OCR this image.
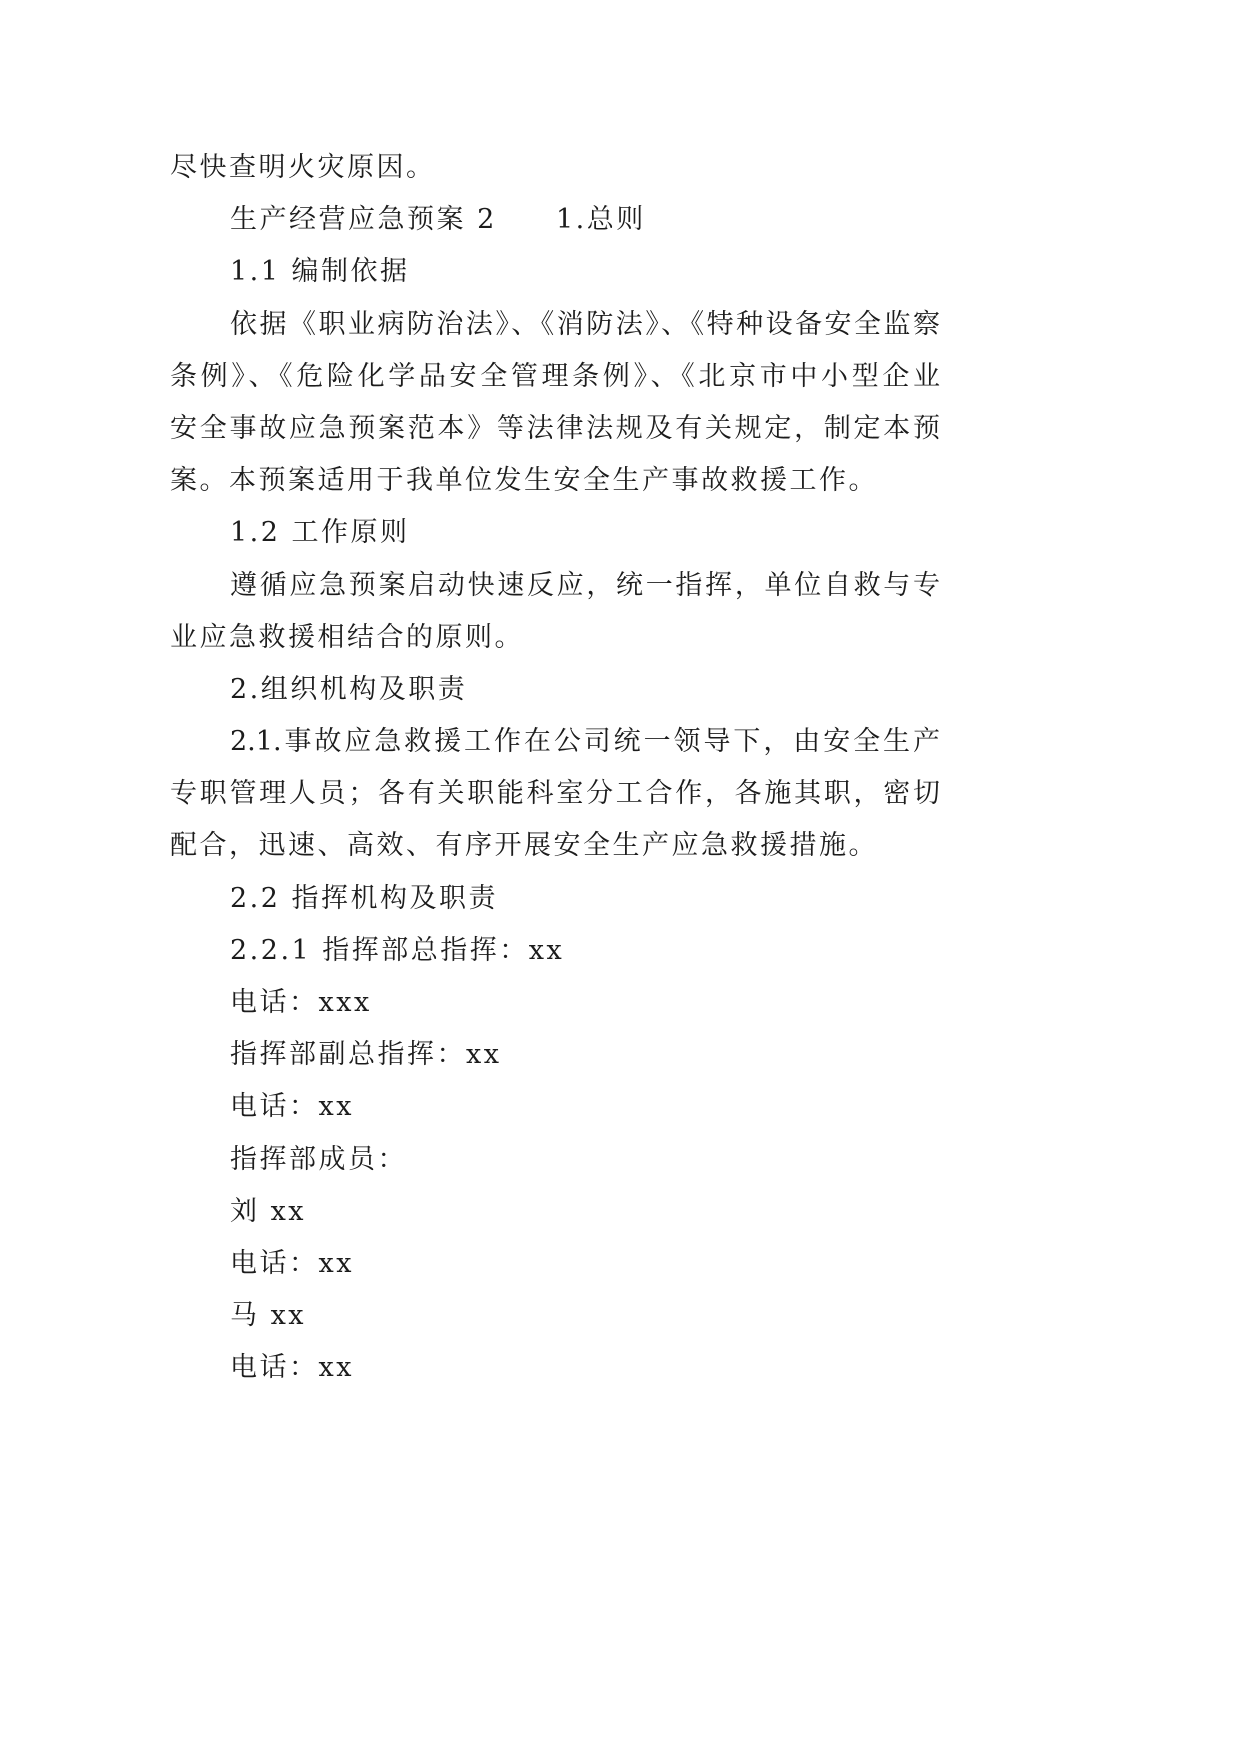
尽快查明火灾原因。
生产经营应急预案 2 1.总则
1.1 编制依据
依据《职业病防治法》、《消防法》、《特种设备安全监察
条例》、《危险化学品安全管理条例》、《北京市中小型企业
安全事故应急预案范本》等法律法规及有关规定，制定本预
案。本预案适用于我单位发生安全生产事故救援工作。
1.2 工作原则
遵循应急预案启动快速反应，统一指挥，单位自救与专
业应急救援相结合的原则。
2.组织机构及职责
2.1.事故应急救援工作在公司统一领导下，由安全生产
专职管理人员；各有关职能科室分工合作，各施其职，密切
配合，迅速、高效、有序开展安全生产应急救援措施。
2.2 指挥机构及职责
2.2.1 指挥部总指挥：xx
电话：xxx
指挥部副总指挥：xx
电话：xx
指挥部成员：
刘 xx
电话：xx
马 xx
电话：xx
